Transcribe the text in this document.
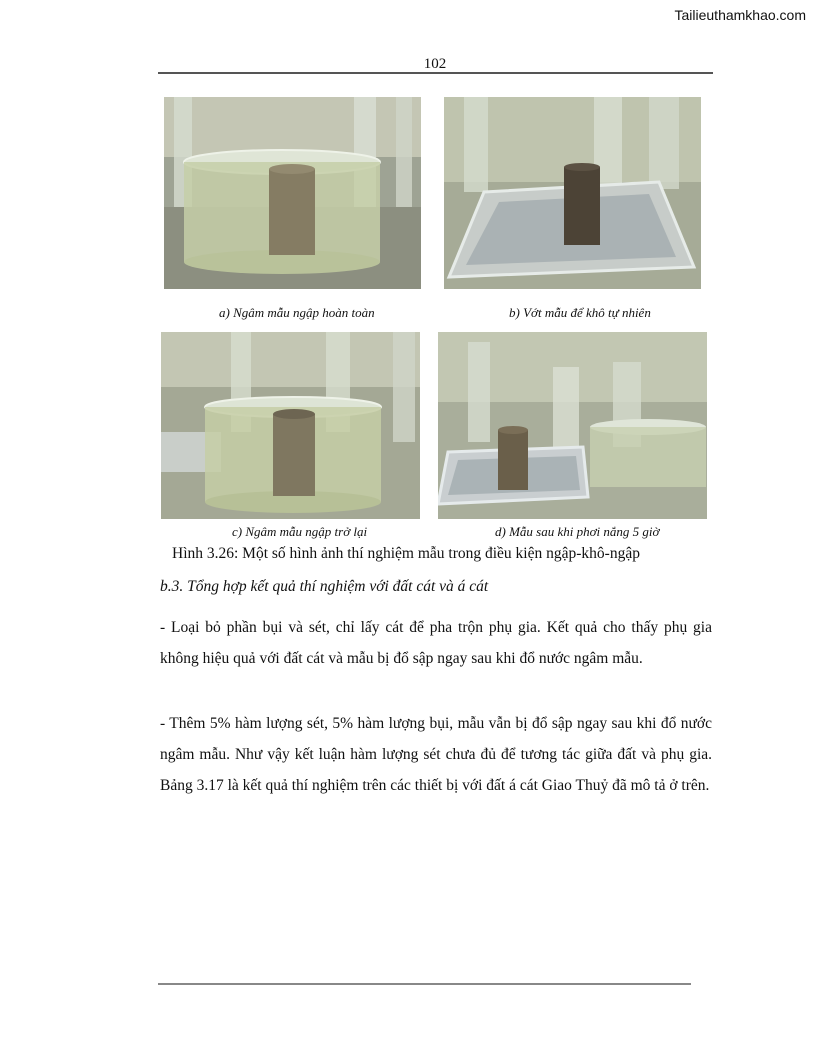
Tailieuthamkhao.com
102
a) Ngâm mẫu ngập hoàn toàn	b) Vớt mẫu để khô tự nhiên
c) Ngâm mẫu ngập trở lại	d) Mẫu sau khi phơi nắng 5 giờ
Hình 3.26: Một số hình ảnh thí nghiệm mẫu trong điều kiện ngập-khô-ngập
b.3. Tổng hợp kết quả thí nghiệm với đất cát và á cát

- Loại bỏ phần bụi và sét, chỉ lấy cát để pha trộn phụ gia. Kết quả cho thấy phụ gia không hiệu quả với đất cát và mẫu bị đổ sập ngay sau khi đổ nước ngâm mẫu.

- Thêm 5% hàm lượng sét, 5% hàm lượng bụi, mẫu vẫn bị đổ sập ngay sau khi đổ nước ngâm mẫu. Như vậy kết luận hàm lượng sét chưa đủ để tương tác giữa đất và phụ gia. Bảng 3.17 là kết quả thí nghiệm trên các thiết bị với đất á cát Giao Thuỷ đã mô tả ở trên.
